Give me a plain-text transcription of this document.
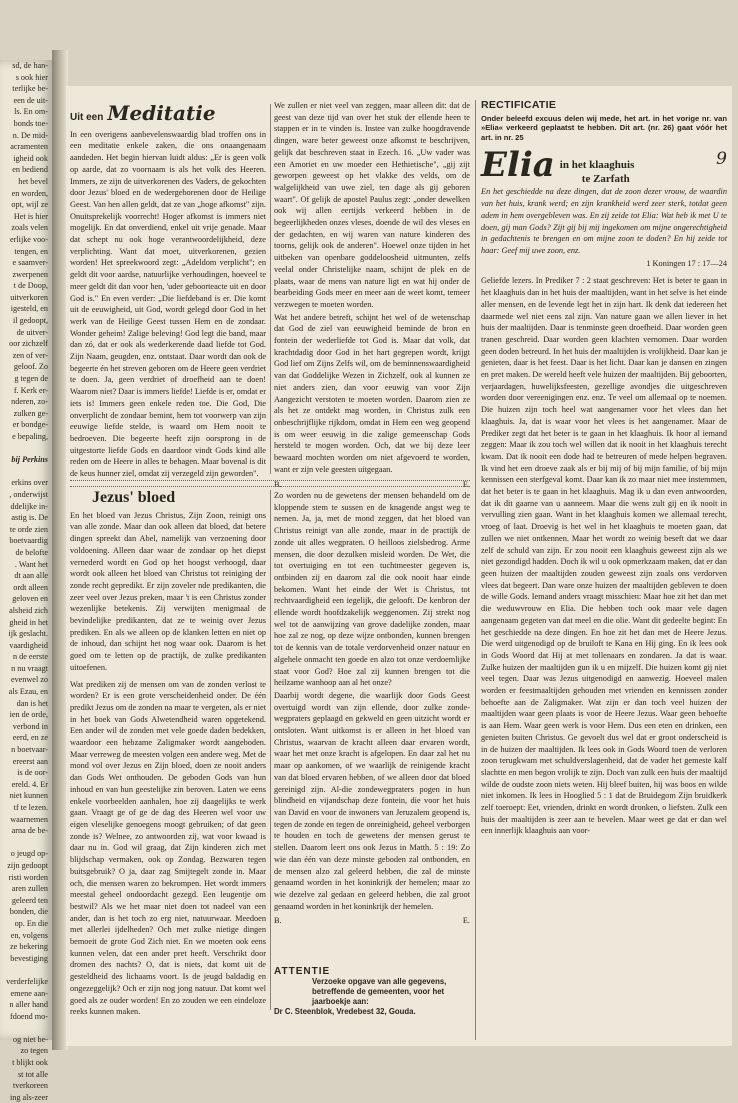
sd, de han-

s ook hier

terlijke be-

een de uit-

ls. En om-

bonds toe-

n. De mid-

acramenten

igheid ook

en bediend

het bevel

en worden,

opt, wijl ze

Het is hier

zoals velen

erlijke voo-

tengen, en

e saamver-

zwerpenen

t de Doop,

uitverkoren

igesteld, en

il gedoopt,

de uitver-

oor zichzelf

zen of ver-

geloof. Zo

g tegen de

f. Kerk er-

nderen, zo-

zulken ge-

er bondge-

e bepaling,

bij Perkins

erkins over

, onderwijst

ddelijke in-

astig is. De

te orde zien

boetvaardig

de belofte

. Want het

dt aan alle

ordt alleen

geloven en

alsheid zich

gheid in het

ijk geslacht.

vaardigheid

n de eerste

n nu vraagt

evenwel zo

als Ezau, en

dan is het

ien de orde,

verbond in

eerd, en ze

n boetvaar-

ereerst aan

is de oor-

ereld. 4. Er

niet kunnen

tf te lezen.

waarnemen

arna de be-

o jeugd op-

zijn gedoopt

risti worden

aren zullen

geleerd ten

bonden, die

op. En die

en, volgens

ze bekering

bevestiging

verderfelijke

emene aan-

n aller hand

fdoend mo-

og niet be-

zo tegen

t blijkt ook

st tot alle

tverkoreen

ing als-zeer

Uit een Meditatie

In een overigens aanbevelenswaardig blad troffen ons in een meditatie enkele zaken, die ons onaangenaam aandeden. Het begin hiervan luidt aldus: „Er is geen volk op aarde, dat zo voornaam is als het volk des Heeren. Immers, ze zijn de uitverkorenen des Vaders, de gekochten door Jezus' bloed en de wedergeborenen door de Heilige Geest. Van hen allen geldt, dat ze van „hoge afkomst" zijn. Onuitsprekelijk voorrecht! Hoger afkomst is immers niet mogelijk. En dat onverdiend, enkel uit vrije genade. Maar dat schept nu ook hoge verantwoordelijkheid, deze verplichting. Want dat moet, uitverkorenen, gezien worden! Het spreekwoord zegt: „Adeldom verplicht"; en geldt dit voor aardse, natuurlijke verhoudingen, hoeveel te meer geldt dit dan voor hen, 'uder geboorteacte uit en door God is." En even verder: „Die liefdeband is er. Die komt uit de eeuwigheid, uit God, wordt gelegd door God in het werk van de Heilige Geest tussen Hem en de zondaar. Wonder geheim! Zalige beleving! God legt die band, maar dan zó, dat er ook als wederkerende daad liefde tot God. Zijn Naam, geugden, enz. ontstaat. Daar wordt dan ook de begeerte én het streven geboren om de Heere geen verdriet te doen. Ja, geen verdriet of droefheid aan te doen! Waarom niet? Daar is immers liefde! Liefde is er, omdat er iets is! Immers geen enkele reden toe. Die God, Die onverplicht de zondaar bemint, hem tot voorwerp van zijn eeuwige liefde stelde, is waard om Hem nooit te bedroeven. Die begeerte heeft zijn oorsprong in de uitgestorte liefde Gods en daardoor vindt Gods kind alle reden om de Heere in alles te behagen. Maar bovenal is dit de keus hunner ziel, omdat zij verzegeld zijn geworden".

We zullen er niet veel van zeggen, maar alleen dit: dat de geest van deze tijd van over het stuk der ellende heen te stappen er in te vinden is. Instee van zulke hoogdravende dingen, ware beter geweest onze afkomst te beschrijven, gelijk dat beschreven staat in Ezech. 16. „Uw vader was een Amoriet en uw moeder een Hethietische", „gij zijt geworpen geweest op het vlakke des velds, om de walgelijkheid van uwe ziel, ten dage als gij geboren waart". Of gelijk de apostel Paulus zegt: „onder dewelken ook wij allen eertijds verkeerd hebben in de begeerlijkheden onzes vleses, doende de wil des vleses en der gedachten, en wij waren van nature kinderen des toorns, gelijk ook de anderen". Hoewel onze tijden in het uitbeken van openbare goddeloosheid uitmunten, zelfs veelal onder Christelijke naam, schijnt de plek en de plaats, waar de mens van nature ligt en wat hij onder de bearbeiding Gods meer en meer aan de weet komt, temeer verzwegen te moeten worden.

Wat het andere betreft, schijnt het wel of de wetenschap dat God de ziel van eeuwigheid beminde de bron en fontein der wederliefde tot God is. Maar dat volk, dat krachtdadig door God in het hart gegrepen wordt, krijgt God lief om Zijns Zelfs wil, om de beminnenswaardigheid van dat Goddelijke Wezen in Zichzelf, ook al kunnen ze niet anders zien, dan voor eeuwig van voor Zijn Aangezicht verstoten te moeten worden. Daarom zien ze als het ze ontdekt mag worden, in Christus zulk een onbeschrijflijke rijkdom, omdat in Hem een weg geopend is om weer eeuwig in die zalige gemeenschap Gods hersteld te mogen worden. Och, dat we bij deze leer bewaard mochten worden om niet afgevoerd te worden, want er zijn vele geesten uitgegaan.

B.	E.
Jezus' bloed

En het bloed van Jezus Christus, Zijn Zoon, reinigt ons van alle zonde. Maar dan ook alleen dat bloed, dat betere dingen spreekt dan Abel, namelijk van verzoening door voldoening. Alleen daar waar de zondaar op het diepst vernederd wordt en God op het hoogst verhoogd, daar wordt ook alleen het bloed van Christus tot reiniging der zonde recht gepredikt. Er zijn zoveler nde predikanten, die zeer veel over Jezus preken, maar 't is een Christus zonder wezenlijke betekenis. Zij verwijten menigmaal de bevindelijke predikanten, dat ze te weinig over Jezus prediken. En als we alleen op de klanken letten en niet op de inhoud, dan schijnt het nog waar ook. Daarom is het goed om te letten op de practijk, de zulke predikanten uitoefenen.

Wat prediken zij de mensen om van de zonden verlost te worden? Er is een grote verscheidenheid onder. De één predikt Jezus om de zonden na maar te vergeten, als er niet in het boek van Gods Alwetendheid waren opgetekend. Een ander wil de zonden met vele goede daden bedekken, waardoor een hebzame Zaligmaker wordt aangeboden. Maar verreweg de meesten volgen een andere weg. Met de mond vol over Jezus en Zijn bloed, doen ze nooit anders dan Gods Wet onthouden. De geboden Gods van hun inhoud en van hun geestelijke zin beroven. Laten we eens enkele voorbeelden aanhalen, hoe zij daagelijks te werk gaan. Vraagt ge of ge de dag des Heeren wel voor uw eigen vleselijke genoegens moogt gebruiken; of dat geen zonde is? Welnee, zo antwoorden zij, wat voor kwaad is daar nu in. God wil graag, dat Zijn kinderen zich met blijdschap vermaken, ook op Zondag. Bezwaren tegen buitsgebruik? O ja, daar zag Smijtegelt zonde in. Maar och, die mensen waren zo bekrompen. Het wordt immers meestal geheel ondoordacht gezegd. Een leugentje om bestwil? Als we het maar niet doen tot nadeel van een ander, dan is het toch zo erg niet, natuurwaar. Meedoen met allerlei ijdelheden? Och met zulke nietige dingen bemoeit de grote God Zich niet. En we moeten ook eens kunnen velen, dat een ander pret heeft. Verschrikt door dromen des nachts? O, dat is niets, dat komt uit de gesteldheid des lichaams voort. Is de jeugd baldadig en ongezeggelijk? Och er zijn nog jong natuur. Dat komt wel goed als ze ouder worden! En zo zouden we een eindeloze reeks kunnen maken.

Zo worden nu de gewetens der mensen behandeld om de kloppende stem te sussen en de knagende angst weg te nemen. Ja, ja, met de mond zeggen, dat het bloed van Christus reinigt van alle zonde, maar in de practijk de zonde uit alles wegpraten. O heilloos zielsbedrog. Arme mensen, die door dezulken misleid worden. De Wet, die tot overtuiging en tot een tuchtmeester gegeven is, ontbinden zij en daarom zal die ook nooit haar einde bekomen. Want het einde der Wet is Christus, tot rechtvaardigheid een iegelijk, die gelooft. De kenbron der ellende wordt hoofdzakelijk weggenomen. Zij strekt nog wel tot de aanwijzing van grove dadelijke zonden, maar hoe zal ze nog, op deze wijze ontbonden, kunnen brengen tot de kennis van de totale verdorvenheid onzer natuur en algehele onmacht ten goede en alzo tot onze verdoemlijke staat voor God? Hoe zal zij kunnen brengen tot die heilzame wanhoop aan al het onze?

Daarbij wordt degene, die waarlijk door Gods Geest overtuigd wordt van zijn ellende, door zulke zonde-wegpraters geplaagd en gekweld en geen uitzicht wordt er ontsloten. Want uitkomst is er alleen in het bloed van Christus, waarvan de kracht alleen daar ervaren wordt, waar het met onze kracht is afgelopen. En daar zal het nu maar op aankomen, of we waarlijk de reinigende kracht van dat bloed ervaren hebben, of we alleen door dat bloed gereinigd zijn. Al-die zondewegpraters pogen in hun blindheid en vijandschap deze fontein, die voor het huis van David en voor de inwoners van Jeruzalem geopend is, tegen de zonde en tegen de onreinigheid, geheel verborgen te houden en toch de gewetens der mensen gerust te stellen. Daarom leert ons ook Jezus in Matth. 5 : 19: Zo wie dan één van deze minste geboden zal ontbonden, en de mensen alzo zal geleerd hebben, die zal de minste genaamd worden in het koninkrijk der hemelen; maar zo wie dezelve zal gedaan en geleerd hebben, die zal groot genaamd worden in het koninkrijk der hemelen.

B.	E.
ATTENTIE
Verzoeke opgave van alle gegevens, betreffende de gemeenten, voor het jaarboekje aan:
Dr C. Steenblok, Vredebest 32, Gouda.
RECTIFICATIE
Onder beleefd excuus delen wij mede, het art. in het vorige nr. van »Elia« verkeerd geplaatst te hebben. Dit art. (nr. 26) gaat vóór het art. in nr. 25
Elia in het klaaghuis
te Zarfath
9

En het geschiedde na deze dingen, dat de zoon dezer vrouw, de waardin van het huis, krank werd; en zijn krankheid werd zeer sterk, totdat geen adem in hem overgebleven was. En zij zeide tot Elia: Wat heb ik met U te doen, gij man Gods? Zijt gij bij mij ingekomen om mijne ongerechtigheid in gedachtenis te brengen en om mijne zoon te doden? En hij zeide tot haar: Geef mij uwe zoon, enz.

1 Koningen 17 : 17—24

Geliefde lezers. In Prediker 7 : 2 staat geschreven: Het is beter te gaan in het klaaghuis dan in het huis der maaltijden, want in het selve is het einde aller mensen, en de levende legt het in zijn hart. Ik denk dat iedereen het daarmede wel niet eens zal zijn. Van nature gaan we allen liever in het huis der maaltijden. Daar is tenminste geen droefheid. Daar worden geen tranen geschreid. Daar worden geen klachten vernomen. Daar worden geen doden betreurd. In het huis der maaltijden is vrolijkheid. Daar kan je genieten, daar is het feest. Daar is het licht. Daar kan je dansen en zingen en pret maken. De wereld heeft vele huizen der maaltijden. Bij geboorten, verjaardagen, huwelijksfeesten, gezellige avondjes die uitgeschreven worden door vereenigingen enz. enz. Te veel om allemaal op te noemen. Die huizen zijn toch heel wat aangenamer voor het vlees dan het klaaghuis. Ja, dat is waar voor het vlees is het aangenamer. Maar de Prediker zegt dat het beter is te gaan in het klaaghuis. Ik hoor al iemand zeggen: Maar ik zou toch wel willen dat ik nooit in het klaaghuis terecht kwam. Dat ik nooit een dode had te betreuren of mede helpen begraven. Ik vind het een droeve zaak als er bij mij of bij mijn familie, of bij mijn kennissen een sterfgeval komt. Daar kan ik zo maar niet mee instemmen, dat het beter is te gaan in het klaaghuis. Mag ik u dan even antwoorden, dat ik dit gaarne van u aanneem. Maar die wens zult gij en ik nooit in vervulling zien gaan. Want in het klaaghuis komen we allemaal terecht, vroeg of laat. Droevig is het wel in het klaaghuis te moeten gaan, dat zullen we niet ontkennen. Maar het wordt zo weinig beseft dat we daar zelf de schuld van zijn. Er zou nooit een klaaghuis geweest zijn als we niet gezondigd hadden. Doch ik wil u ook opmerkzaam maken, dat er dan geen huizen der maaltijden zouden geweest zijn zoals ons verdorven vlees dat begeert. Dan ware onze huizen der maaltijden gebleven te doen de wille Gods. Iemand anders vraagt misschien: Maar hoe zit het dan met die weduwvrouw en Elia. Die hebben toch ook maar vele dagen aangenaam gegeten van dat meel en die olie. Want dit gedeelte begint: En het geschiedde na deze dingen. En hoe zit het dan met de Heere Jezus. Die werd uitgenodigd op de bruiloft te Kana en Hij ging. En ik lees ook in Gods Woord dat Hij at met tollenaars en zondaren. Ja dat is waar. Zulke huizen der maaltijden gun ik u en mijzelf. Die huizen komt gij niet veel tegen. Daar was Jezus uitgenodigd en aanwezig. Hoeveel malen worden er feestmaaltijden gehouden met vrienden en kennissen zonder behoefte aan de Zaligmaker. Wat zijn er dan toch veel huizen der maaltijden waar geen plaats is voor de Heere Jezus. Waar geen behoefte is aan Hem. Waar geen werk is voor Hem. Dus een eten en drinken, een genieten buiten Christus. Ge gevoelt dus wel dat er groot onderscheid is in de huizen der maaltijden. Ik lees ook in Gods Woord toen de verloren zoon terugkwam met schuldverslagenheid, dat de vader het gemeste kalf slachtte en men begon vrolijk te zijn. Doch van zulk een huis der maaltijd wilde de oudste zoon niets weten. Hij bleef buiten, hij was boos en wilde niet inkomen. Ik lees in Hooglied 5 : 1 dat de Bruidegom Zijn bruidkerk zelf toeroept: Eet, vrienden, drinkt en wordt dronken, o liefsten. Zulk een huis der maaltijden is zeer aan te bevelen. Maar weet ge dat er dan wel een innerlijk klaaghuis aan voor-
